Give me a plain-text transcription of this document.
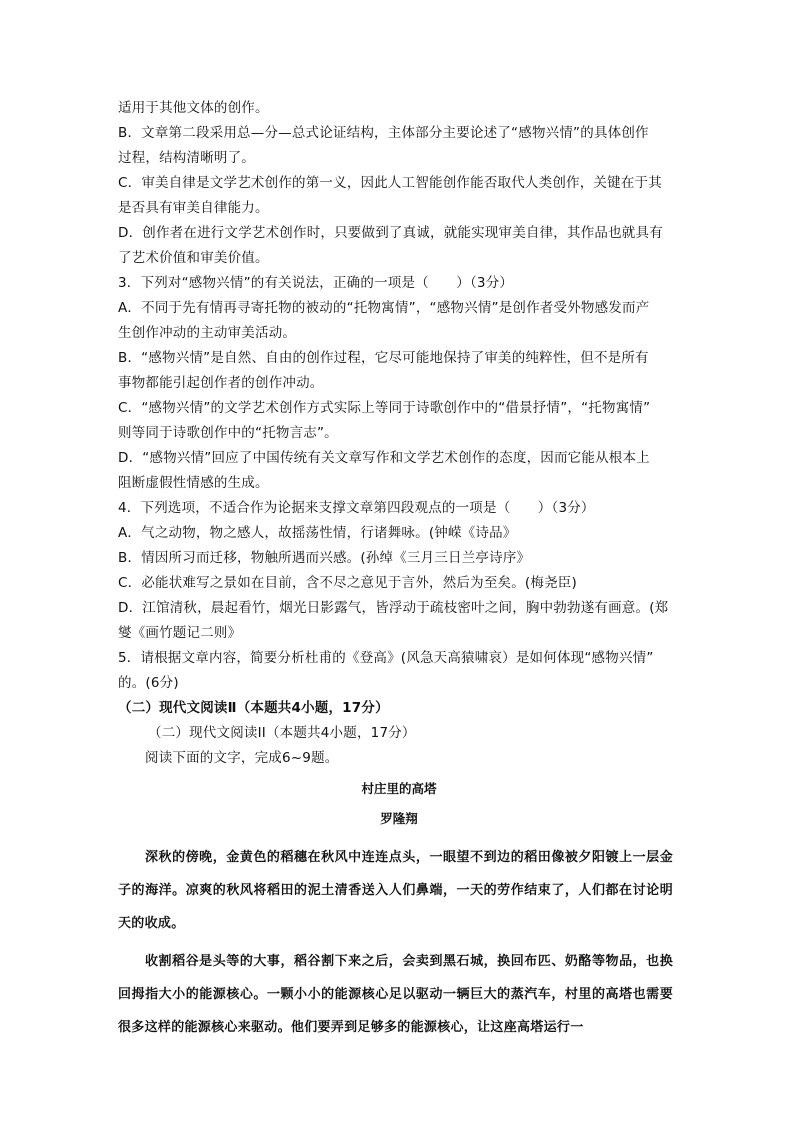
适用于其他文体的创作。
B．文章第二段采用总—分—总式论证结构，主体部分主要论述了“感物兴情”的具体创作
过程，结构清晰明了。
C．审美自律是文学艺术创作的第一义，因此人工智能创作能否取代人类创作，关键在于其
是否具有审美自律能力。
D．创作者在进行文学艺术创作时，只要做到了真诚，就能实现审美自律，其作品也就具有
了艺术价值和审美价值。
3．下列对“感物兴情”的有关说法，正确的一项是（　　）（3分）
A．不同于先有情再寻寄托物的被动的“托物寓情”，“感物兴情”是创作者受外物感发而产
生创作冲动的主动审美活动。
B．“感物兴情”是自然、自由的创作过程，它尽可能地保持了审美的纯粹性，但不是所有
事物都能引起创作者的创作冲动。
C．“感物兴情”的文学艺术创作方式实际上等同于诗歌创作中的“借景抒情”，“托物寓情”
则等同于诗歌创作中的“托物言志”。
D．“感物兴情”回应了中国传统有关文章写作和文学艺术创作的态度，因而它能从根本上
阻断虚假性情感的生成。
4．下列选项，不适合作为论据来支撑文章第四段观点的一项是（　　）（3分）
A．气之动物，物之感人，故摇荡性情，行诸舞咏。(钟嵘《诗品》
B．情因所习而迁移，物触所遇而兴感。(孙绰《三月三日兰亭诗序》
C．必能状难写之景如在目前，含不尽之意见于言外，然后为至矣。(梅尧臣)
D．江馆清秋，晨起看竹，烟光日影露气，皆浮动于疏枝密叶之间，胸中勃勃遂有画意。(郑
燮《画竹题记二则》
5．请根据文章内容，简要分析杜甫的《登高》(风急天高猿啸哀）是如何体现“感物兴情”
的。(6分)
（二）现代文阅读Ⅱ（本题共4小题，17分）
（二）现代文阅读II（本题共4小题，17分）
阅读下面的文字，完成6~9题。
村庄里的高塔
罗隆翔

深秋的傍晚，金黄色的稻穗在秋风中连连点头，一眼望不到边的稻田像被夕阳镀上一层金子的海洋。凉爽的秋风将稻田的泥土清香送入人们鼻端，一天的劳作结束了，人们都在讨论明天的收成。

收割稻谷是头等的大事，稻谷割下来之后，会卖到黑石城，换回布匹、奶酪等物品，也换回拇指大小的能源核心。一颗小小的能源核心足以驱动一辆巨大的蒸汽车，村里的高塔也需要很多这样的能源核心来驱动。他们要弄到足够多的能源核心，让这座高塔运行一
